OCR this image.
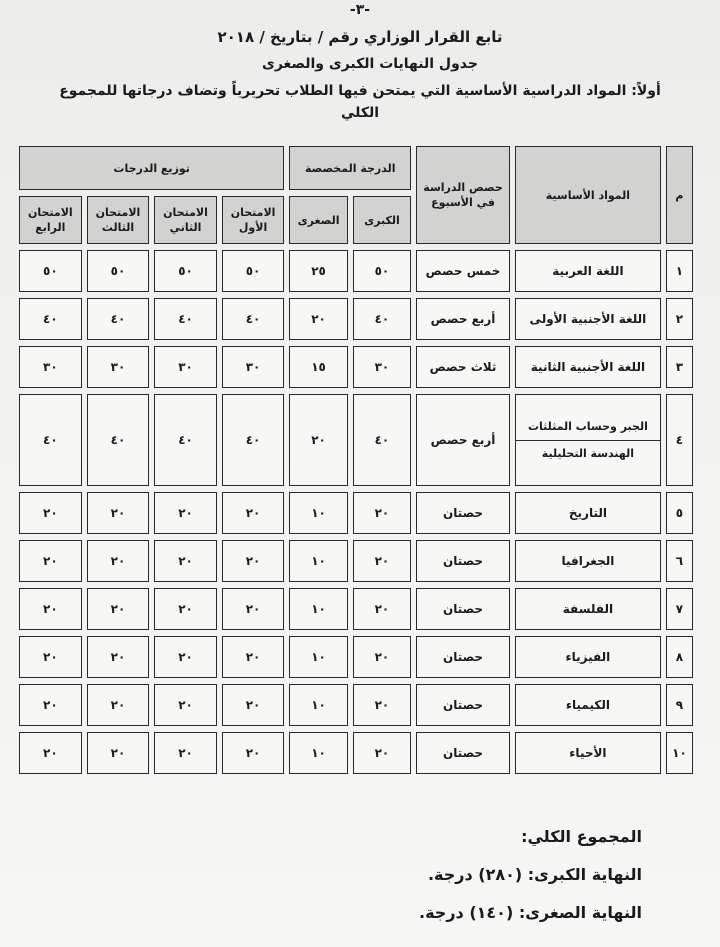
-٣-
تابع القرار الوزاري رقم / بتاريخ / ٢٠١٨
جدول النهايات الكبرى والصغرى
أولاً: المواد الدراسية الأساسية التي يمتحن فيها الطلاب تحريرياً وتضاف درجاتها للمجموع الكلي
م	المواد الأساسية	حصص الدراسة في الأسبوع	الدرجة المخصصة		توزيع الدرجات			
			الكبرى	الصغرى	الامتحان الأول	الامتحان الثاني	الامتحان الثالث	الامتحان الرابع
١	اللغة العربية	خمس حصص	٥٠	٢٥	٥٠	٥٠	٥٠	٥٠
٢	اللغة الأجنبية الأولى	أربع حصص	٤٠	٢٠	٤٠	٤٠	٤٠	٤٠
٣	اللغة الأجنبية الثانية	ثلاث حصص	٣٠	١٥	٣٠	٣٠	٣٠	٣٠
٤	الجبر وحساب المثلثات
الهندسة التحليلية	أربع حصص	٤٠	٢٠	٤٠	٤٠	٤٠	٤٠
٥	التاريخ	حصتان	٢٠	١٠	٢٠	٢٠	٢٠	٢٠
٦	الجغرافيا	حصتان	٢٠	١٠	٢٠	٢٠	٢٠	٢٠
٧	الفلسفة	حصتان	٢٠	١٠	٢٠	٢٠	٢٠	٢٠
٨	الفيزياء	حصتان	٢٠	١٠	٢٠	٢٠	٢٠	٢٠
٩	الكيمياء	حصتان	٢٠	١٠	٢٠	٢٠	٢٠	٢٠
١٠	الأحياء	حصتان	٢٠	١٠	٢٠	٢٠	٢٠	٢٠
المجموع الكلي:
النهاية الكبرى: (٢٨٠) درجة.
النهاية الصغرى: (١٤٠) درجة.
